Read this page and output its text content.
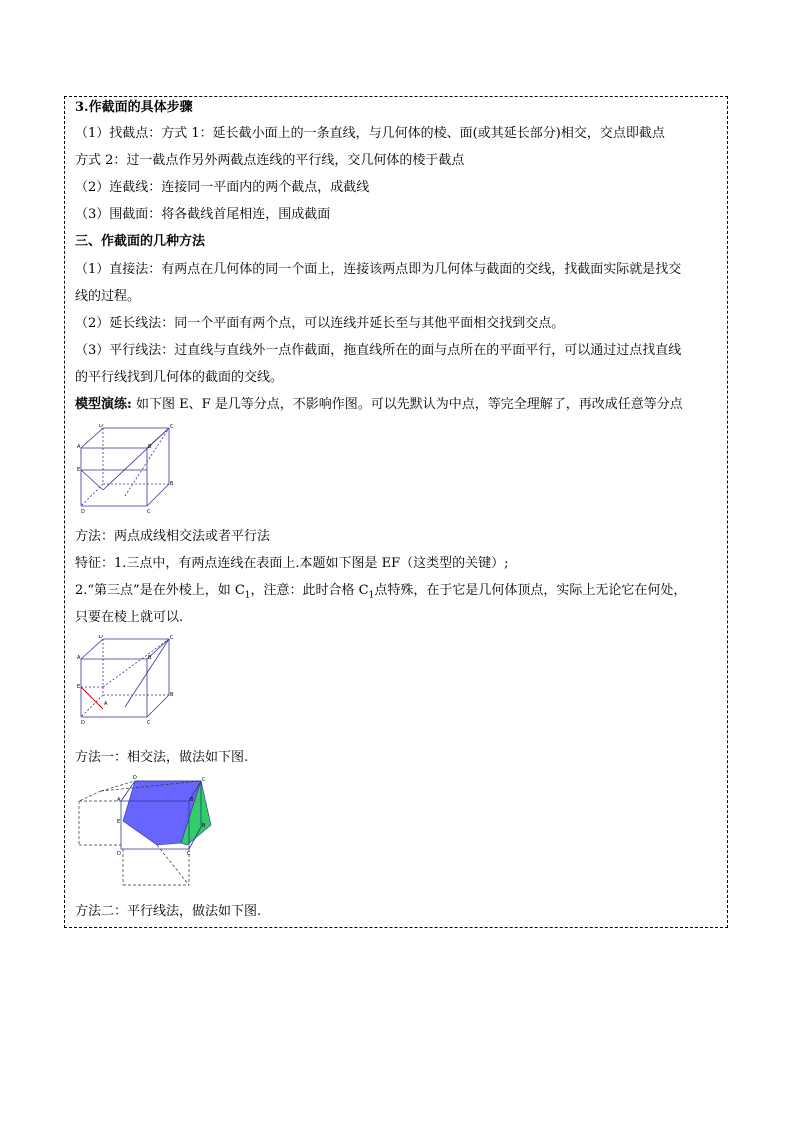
3.作截面的具体步骤
（1）找截点：方式 1：延长截小面上的一条直线，与几何体的棱、面(或其延长部分)相交，交点即截点
方式 2：过一截点作另外两截点连线的平行线，交几何体的棱于截点
（2）连截线：连接同一平面内的两个截点，成截线
（3）围截面：将各截线首尾相连，围成截面
三、作截面的几种方法
（1）直接法：有两点在几何体的同一个面上，连接该两点即为几何体与截面的交线，找截面实际就是找交
线的过程。
（2）延长线法：同一个平面有两个点，可以连线并延长至与其他平面相交找到交点。
（3）平行线法：过直线与直线外一点作截面，拖直线所在的面与点所在的平面平行，可以通过过点找直线
的平行线找到几何体的截面的交线。
模型演练: 如下图 E、F 是几等分点，不影响作图。可以先默认为中点，等完全理解了，再改成任意等分点
D	C
A	B
E
B
D	C
方法：两点成线相交法或者平行法
特征：1.三点中，有两点连线在表面上.本题如下图是 EF（这类型的关键）;
2.“第三点”是在外棱上，如 $C_1$，注意：此时合格 $C_1$点特殊，在于它是几何体顶点，实际上无论它在何处，
只要在棱上就可以.
D	C
A	B
E
A
B
D	C
方法一：相交法，做法如下图.
D	C
A	B
E
B
D	C
方法二：平行线法，做法如下图.
